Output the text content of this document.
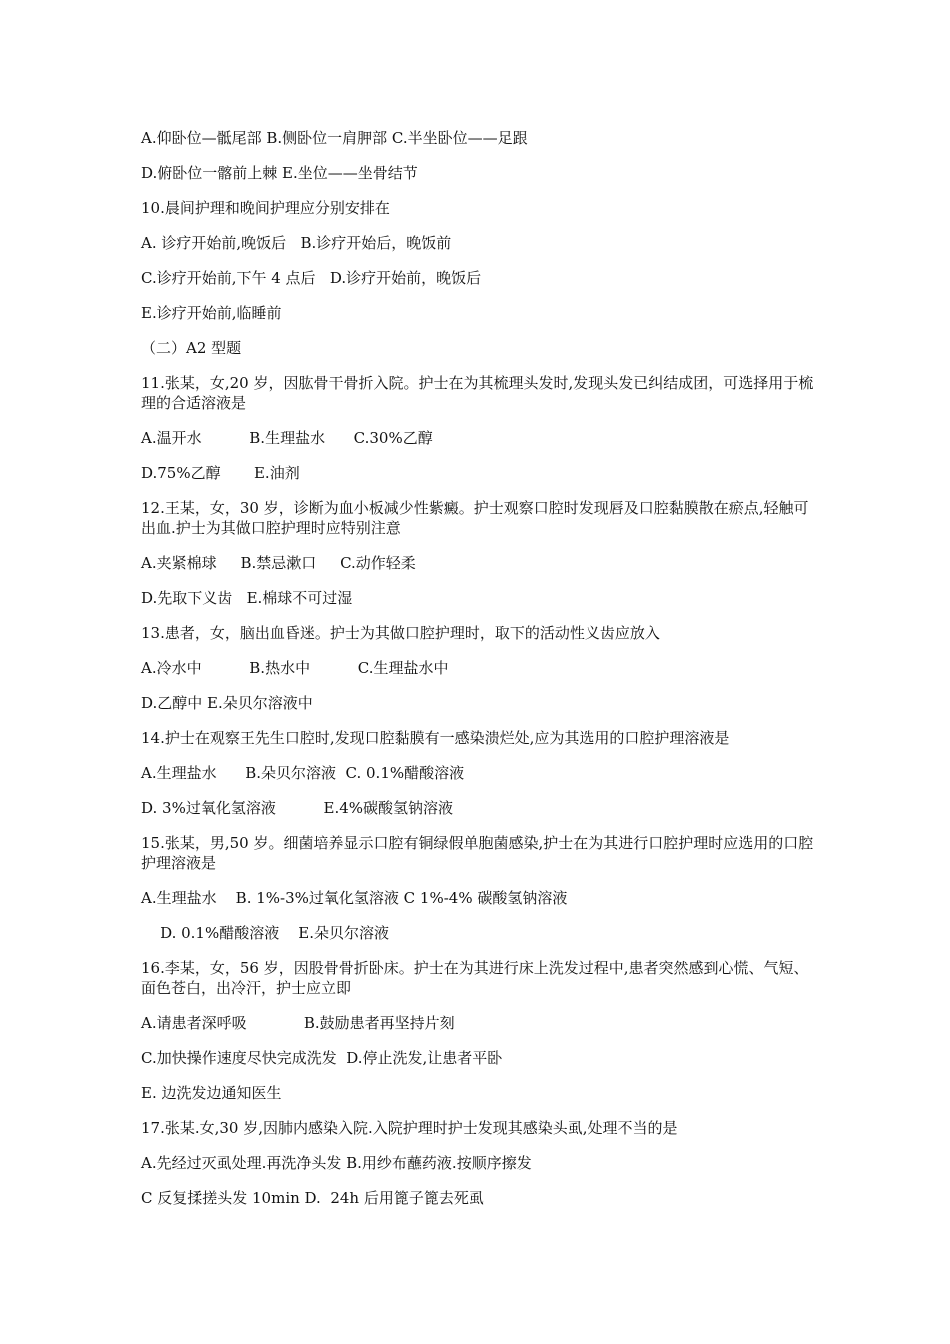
A.仰卧位—骶尾部 B.侧卧位一肩胛部 C.半坐卧位——足跟
D.俯卧位一髂前上棘 E.坐位——坐骨结节
10.晨间护理和晚间护理应分别安排在
A. 诊疗开始前,晚饭后   B.诊疗开始后，晚饭前
C.诊疗开始前,下午 4 点后   D.诊疗开始前，晚饭后
E.诊疗开始前,临睡前
（二）A2 型题
11.张某，女,20 岁，因肱骨干骨折入院。护士在为其梳理头发时,发现头发已纠结成团，可选择用于梳理的合适溶液是
A.温开水          B.生理盐水      C.30%乙醇
D.75%乙醇       E.油剂
12.王某，女，30 岁，诊断为血小板减少性紫癜。护士观察口腔时发现唇及口腔黏膜散在瘀点,轻触可出血.护士为其做口腔护理时应特别注意
A.夹紧棉球     B.禁忌漱口     C.动作轻柔
D.先取下义齿   E.棉球不可过湿
13.患者，女，脑出血昏迷。护士为其做口腔护理时，取下的活动性义齿应放入
A.冷水中          B.热水中          C.生理盐水中
D.乙醇中 E.朵贝尔溶液中
14.护士在观察王先生口腔时,发现口腔黏膜有一感染溃烂处,应为其选用的口腔护理溶液是
A.生理盐水      B.朵贝尔溶液  C. 0.1%醋酸溶液
D. 3%过氧化氢溶液          E.4%碳酸氢钠溶液
15.张某，男,50 岁。细菌培养显示口腔有铜绿假单胞菌感染,护士在为其进行口腔护理时应选用的口腔护理溶液是
A.生理盐水    B. 1%-3%过氧化氢溶液 C 1%-4% 碳酸氢钠溶液
D. 0.1%醋酸溶液    E.朵贝尔溶液
16.李某，女，56 岁，因股骨骨折卧床。护士在为其进行床上洗发过程中,患者突然感到心慌、气短、面色苍白，出冷汗，护士应立即
A.请患者深呼吸            B.鼓励患者再坚持片刻
C.加快操作速度尽快完成洗发  D.停止洗发,让患者平卧
E. 边洗发边通知医生
17.张某.女,30 岁,因肺内感染入院.入院护理时护士发现其感染头虱,处理不当的是
A.先经过灭虱处理.再洗净头发 B.用纱布蘸药液.按顺序擦发
C 反复揉搓头发 10min D.  24h 后用篦子篦去死虱
